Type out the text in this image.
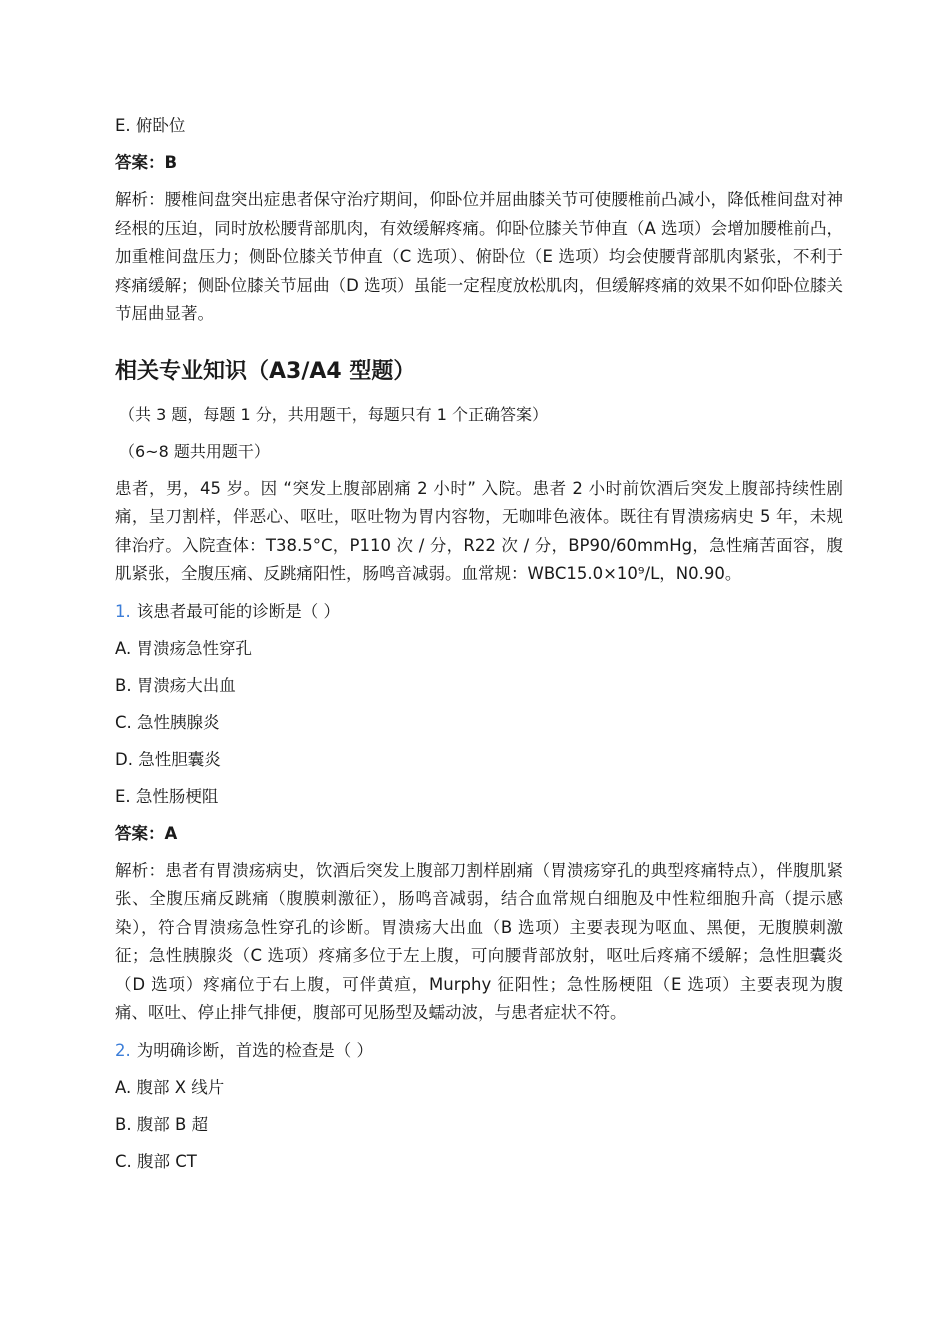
E. 俯卧位

答案：B

解析：腰椎间盘突出症患者保守治疗期间，仰卧位并屈曲膝关节可使腰椎前凸减小，降低椎间盘对神经根的压迫，同时放松腰背部肌肉，有效缓解疼痛。仰卧位膝关节伸直（A 选项）会增加腰椎前凸，加重椎间盘压力；侧卧位膝关节伸直（C 选项）、俯卧位（E 选项）均会使腰背部肌肉紧张，不利于疼痛缓解；侧卧位膝关节屈曲（D 选项）虽能一定程度放松肌肉，但缓解疼痛的效果不如仰卧位膝关节屈曲显著。

相关专业知识（A3/A4 型题）

（共 3 题，每题 1 分，共用题干，每题只有 1 个正确答案）

（6~8 题共用题干）

患者，男，45 岁。因 “突发上腹部剧痛 2 小时” 入院。患者 2 小时前饮酒后突发上腹部持续性剧痛，呈刀割样，伴恶心、呕吐，呕吐物为胃内容物，无咖啡色液体。既往有胃溃疡病史 5 年，未规律治疗。入院查体：T38.5°C，P110 次 / 分，R22 次 / 分，BP90/60mmHg，急性痛苦面容，腹肌紧张，全腹压痛、反跳痛阳性，肠鸣音减弱。血常规：WBC15.0×10⁹/L，N0.90。

1. 该患者最可能的诊断是（ ）

A. 胃溃疡急性穿孔

B. 胃溃疡大出血

C. 急性胰腺炎

D. 急性胆囊炎

E. 急性肠梗阻

答案：A

解析：患者有胃溃疡病史，饮酒后突发上腹部刀割样剧痛（胃溃疡穿孔的典型疼痛特点），伴腹肌紧张、全腹压痛反跳痛（腹膜刺激征），肠鸣音减弱，结合血常规白细胞及中性粒细胞升高（提示感染），符合胃溃疡急性穿孔的诊断。胃溃疡大出血（B 选项）主要表现为呕血、黑便，无腹膜刺激征；急性胰腺炎（C 选项）疼痛多位于左上腹，可向腰背部放射，呕吐后疼痛不缓解；急性胆囊炎（D 选项）疼痛位于右上腹，可伴黄疸，Murphy 征阳性；急性肠梗阻（E 选项）主要表现为腹痛、呕吐、停止排气排便，腹部可见肠型及蠕动波，与患者症状不符。

2. 为明确诊断，首选的检查是（ ）

A. 腹部 X 线片

B. 腹部 B 超

C. 腹部 CT
